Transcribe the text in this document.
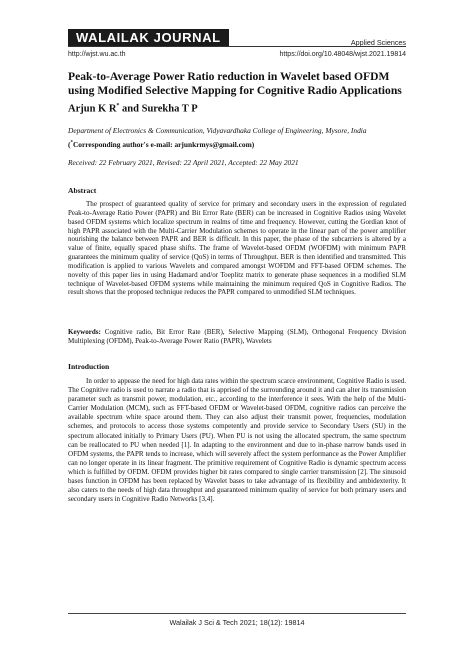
WALAILAK JOURNAL	Applied Sciences
http://wjst.wu.ac.th	https://doi.org/10.48048/wjst.2021.19814
Peak-to-Average Power Ratio reduction in Wavelet based OFDM using Modified Selective Mapping for Cognitive Radio Applications
Arjun K R* and Surekha T P
Department of Electronics & Communication, Vidyavardhaka College of Engineering, Mysore, India
(*Corresponding author's e-mail: arjunkrmys@gmail.com)
Received: 22 February 2021, Revised: 22 April 2021, Accepted: 22 May 2021
Abstract

The prospect of guaranteed quality of service for primary and secondary users in the expression of regulated Peak-to-Average Ratio Power (PAPR) and Bit Error Rate (BER) can be increased in Cognitive Radios using Wavelet based OFDM systems which localize spectrum in realms of time and frequency. However, cutting the Gordian knot of high PAPR associated with the Multi-Carrier Modulation schemes to operate in the linear part of the power amplifier nourishing the balance between PAPR and BER is difficult. In this paper, the phase of the subcarriers is altered by a value of finite, equally spaced phase shifts. The frame of Wavelet-based OFDM (WOFDM) with minimum PAPR guarantees the minimum quality of service (QoS) in terms of Throughput. BER is then identified and transmitted. This modification is applied to various Wavelets and compared amongst WOFDM and FFT-based OFDM schemes. The novelty of this paper lies in using Hadamard and/or Toeplitz matrix to generate phase sequences in a modified SLM technique of Wavelet-based OFDM systems while maintaining the minimum required QoS in Cognitive Radios. The result shows that the proposed technique reduces the PAPR compared to unmodified SLM techniques.

Keywords: Cognitive radio, Bit Error Rate (BER), Selective Mapping (SLM), Orthogonal Frequency Division Multiplexing (OFDM), Peak-to-Average Power Ratio (PAPR), Wavelets

Introduction

In order to appease the need for high data rates within the spectrum scarce environment, Cognitive Radio is used. The Cognitive radio is used to narrate a radio that is apprised of the surrounding around it and can alter its transmission parameter such as transmit power, modulation, etc., according to the interference it sees. With the help of the Multi-Carrier Modulation (MCM), such as FFT-based OFDM or Wavelet-based OFDM, cognitive radios can perceive the available spectrum white space around them. They can also adjust their transmit power, frequencies, modulation schemes, and protocols to access those systems competently and provide service to Secondary Users (SU) in the spectrum allocated initially to Primary Users (PU). When PU is not using the allocated spectrum, the same spectrum can be reallocated to PU when needed [1]. In adapting to the environment and due to in-phase narrow bands used in OFDM systems, the PAPR tends to increase, which will severely affect the system performance as the Power Amplifier can no longer operate in its linear fragment. The primitive requirement of Cognitive Radio is dynamic spectrum access which is fulfilled by OFDM. OFDM provides higher bit rates compared to single carrier transmission [2]. The sinusoid bases function in OFDM has been replaced by Wavelet bases to take advantage of its flexibility and ambidexterity. It also caters to the needs of high data throughput and guaranteed minimum quality of service for both primary users and secondary users in Cognitive Radio Networks [3,4].

Walailak J Sci & Tech 2021; 18(12): 19814
